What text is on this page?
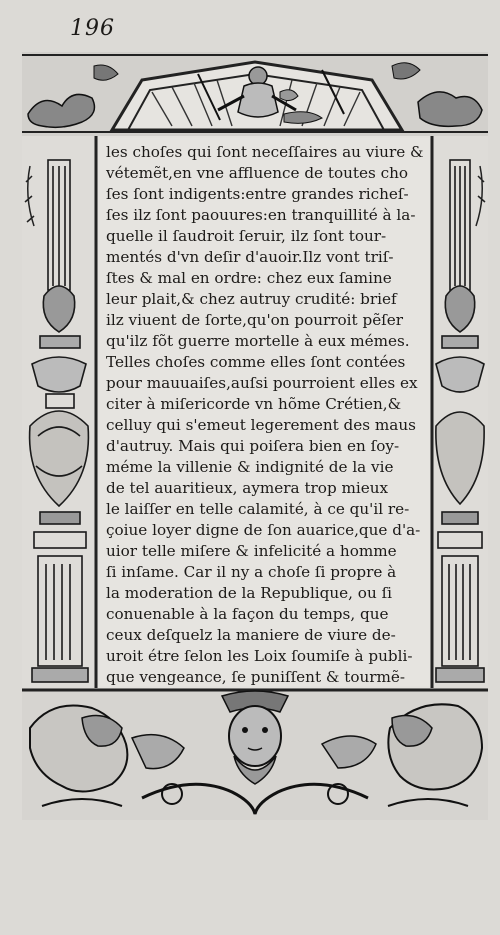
196
les choſes qui ſont neceſſaires au viure &
vétemẽt,en vne affluence de toutes cho
ſes ſont indigents:entre grandes richeſ-
ſes ilz ſont paouures:en tranquillité à la-
quelle il ſaudroit ſeruir, ilz ſont tour-
mentés d'vn deſir d'auoir.Ilz vont triſ-
ſtes & mal en ordre: chez eux ſamine
leur plait,& chez autruy crudité: brief
ilz viuent de ſorte,qu'on pourroit pẽſer
qu'ilz fõt guerre mortelle à eux mémes.
Telles choſes comme elles ſont contées
pour mauuaiſes,auſsi pourroient elles ex
citer à miſericorde vn hõme Crétien,&
celluy qui s'emeut legerement des maus
d'autruy. Mais qui poiſera bien en ſoy-
méme la villenie & indignité de la vie
de tel auaritieux, aymera trop mieux
le laiſſer en telle calamité, à ce qu'il re-
çoiue loyer digne de ſon auarice,que d'a-
uior telle miſere & infelicité a homme
ſi inſame. Car il ny a choſe ſi propre à
la moderation de la Republique, ou ſi
conuenable à la façon du temps, que
ceux deſquelz la maniere de viure de-
uroit étre ſelon les Loix ſoumiſe à publi-
que vengeance, ſe puniſſent & tourmẽ-
